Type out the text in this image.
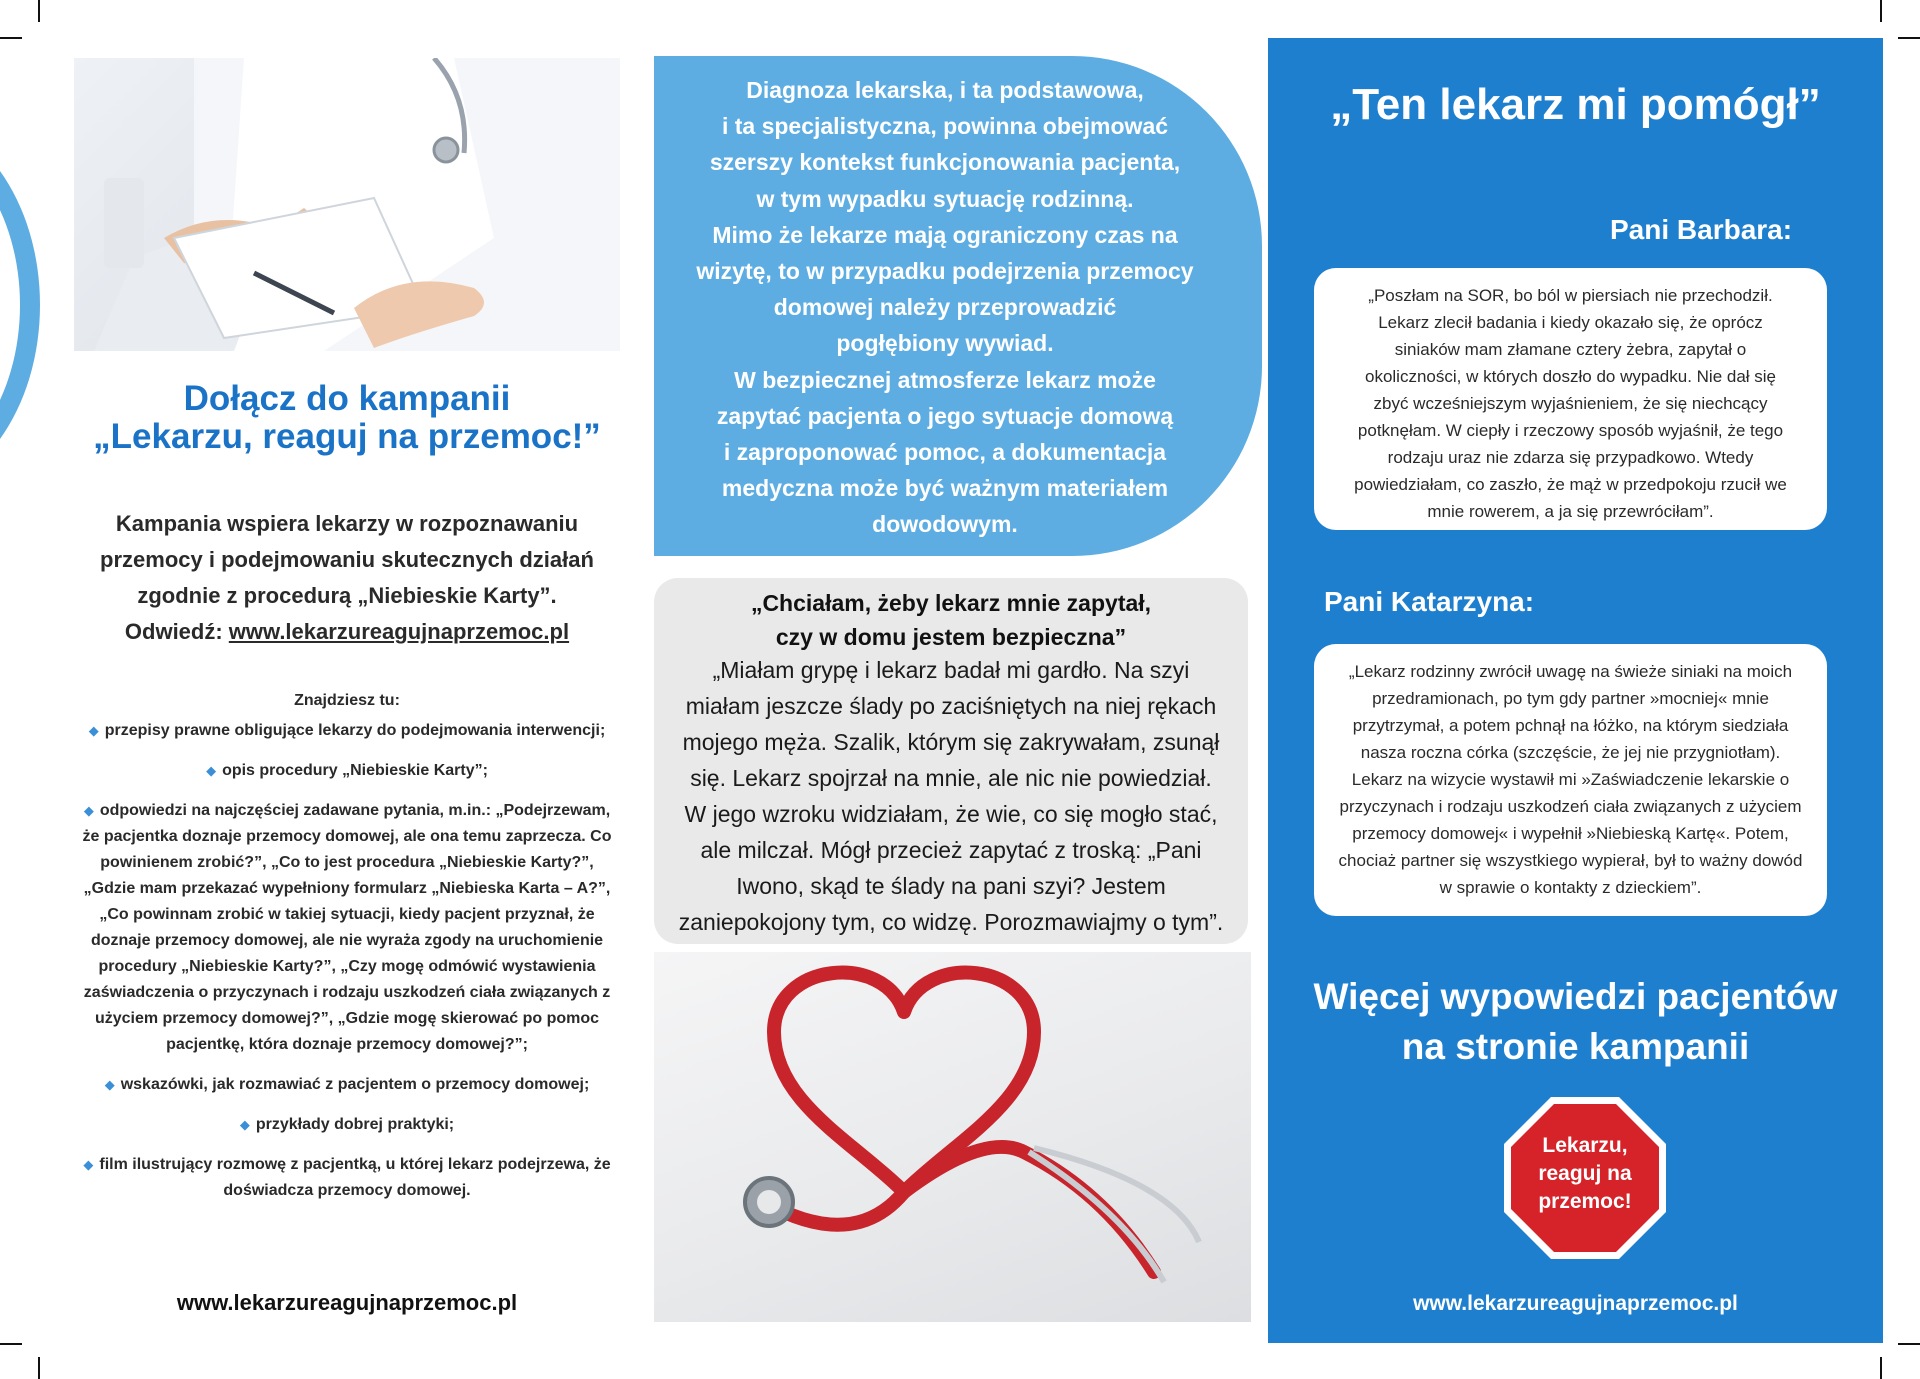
Dołącz do kampanii
„Lekarzu, reaguj na przemoc!”
Kampania wspiera lekarzy w rozpoznawaniu
przemocy i podejmowaniu skutecznych działań
zgodnie z procedurą „Niebieskie Karty”.
Odwiedź: www.lekarzureagujnaprzemoc.pl
Znajdziesz tu:
◆ przepisy prawne obligujące lekarzy do podejmowania interwencji;
◆ opis procedury „Niebieskie Karty”;
◆ odpowiedzi na najczęściej zadawane pytania, m.in.: „Podejrzewam, że pacjentka doznaje przemocy domowej, ale ona temu zaprzecza. Co powinienem zrobić?”, „Co to jest procedura „Niebieskie Karty?”, „Gdzie mam przekazać wypełniony formularz „Niebieska Karta – A?”, „Co powinnam zrobić w takiej sytuacji, kiedy pacjent przyznał, że doznaje przemocy domowej, ale nie wyraża zgody na uruchomienie procedury „Niebieskie Karty?”, „Czy mogę odmówić wystawienia zaświadczenia o przyczynach i rodzaju uszkodzeń ciała związanych z użyciem przemocy domowej?”, „Gdzie mogę skierować po pomoc pacjentkę, która doznaje przemocy domowej?”;
◆ wskazówki, jak rozmawiać z pacjentem o przemocy domowej;
◆ przykłady dobrej praktyki;
◆ film ilustrujący rozmowę z pacjentką, u której lekarz podejrzewa, że doświadcza przemocy domowej.
www.lekarzureagujnaprzemoc.pl
Diagnoza lekarska, i ta podstawowa,
i ta specjalistyczna, powinna obejmować
szerszy kontekst funkcjonowania pacjenta,
w tym wypadku sytuację rodzinną.
Mimo że lekarze mają ograniczony czas na
wizytę, to w przypadku podejrzenia przemocy
domowej należy przeprowadzić
pogłębiony wywiad.
W bezpiecznej atmosferze lekarz może
zapytać pacjenta o jego sytuacje domową
i zaproponować pomoc, a dokumentacja
medyczna może być ważnym materiałem
dowodowym.
„Chciałam, żeby lekarz mnie zapytał,
czy w domu jestem bezpieczna”
„Miałam grypę i lekarz badał mi gardło. Na szyi
miałam jeszcze ślady po zaciśniętych na niej rękach
mojego męża. Szalik, którym się zakrywałam, zsunął
się. Lekarz spojrzał na mnie, ale nic nie powiedział.
W jego wzroku widziałam, że wie, co się mogło stać,
ale milczał. Mógł przecież zapytać z troską: „Pani
Iwono, skąd te ślady na pani szyi? Jestem
zaniepokojony tym, co widzę. Porozmawiajmy o tym”.
„Ten lekarz mi pomógł”
Pani Barbara:
„Poszłam na SOR, bo ból w piersiach nie przechodził.
Lekarz zlecił badania i kiedy okazało się, że oprócz
siniaków mam złamane cztery żebra, zapytał o
okoliczności, w których doszło do wypadku. Nie dał się
zbyć wcześniejszym wyjaśnieniem, że się niechcący
potknęłam. W ciepły i rzeczowy sposób wyjaśnił, że tego
rodzaju uraz nie zdarza się przypadkowo. Wtedy
powiedziałam, co zaszło, że mąż w przedpokoju rzucił we
mnie rowerem, a ja się przewróciłam”.
Pani Katarzyna:
„Lekarz rodzinny zwrócił uwagę na świeże siniaki na moich
przedramionach, po tym gdy partner »mocniej« mnie
przytrzymał, a potem pchnął na łóżko, na którym siedziała
nasza roczna córka (szczęście, że jej nie przygniotłam).
Lekarz na wizycie wystawił mi »Zaświadczenie lekarskie o
przyczynach i rodzaju uszkodzeń ciała związanych z użyciem
przemocy domowej« i wypełnił »Niebieską Kartę«. Potem,
chociaż partner się wszystkiego wypierał, był to ważny dowód
w sprawie o kontakty z dzieckiem”.
Więcej wypowiedzi pacjentów
na stronie kampanii
Lekarzu,
reaguj na
przemoc!
www.lekarzureagujnaprzemoc.pl
